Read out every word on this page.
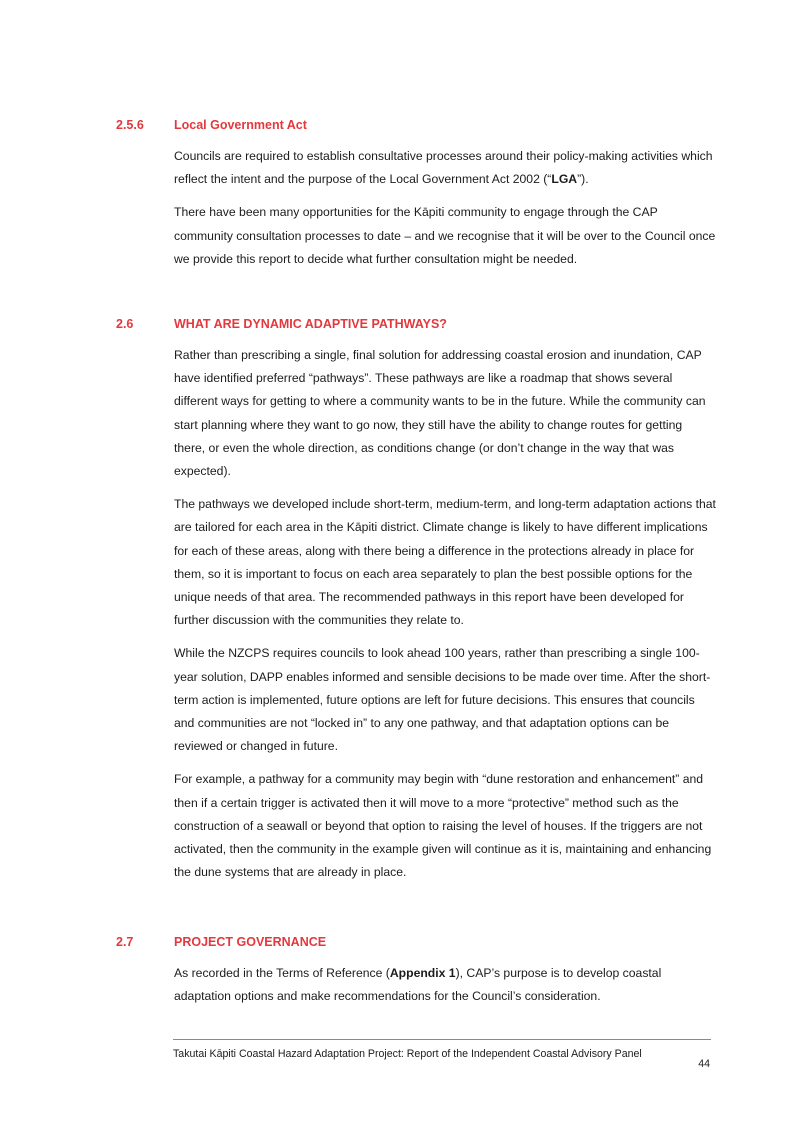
2.5.6 Local Government Act

Councils are required to establish consultative processes around their policy-making activities which reflect the intent and the purpose of the Local Government Act 2002 (“LGA”).

There have been many opportunities for the Kāpiti community to engage through the CAP community consultation processes to date – and we recognise that it will be over to the Council once we provide this report to decide what further consultation might be needed.

2.6	WHAT ARE DYNAMIC ADAPTIVE PATHWAYS?

Rather than prescribing a single, final solution for addressing coastal erosion and inundation, CAP have identified preferred “pathways”. These pathways are like a roadmap that shows several different ways for getting to where a community wants to be in the future. While the community can start planning where they want to go now, they still have the ability to change routes for getting there, or even the whole direction, as conditions change (or don’t change in the way that was expected).

The pathways we developed include short-term, medium-term, and long-term adaptation actions that are tailored for each area in the Kāpiti district. Climate change is likely to have different implications for each of these areas, along with there being a difference in the protections already in place for them, so it is important to focus on each area separately to plan the best possible options for the unique needs of that area. The recommended pathways in this report have been developed for further discussion with the communities they relate to.

While the NZCPS requires councils to look ahead 100 years, rather than prescribing a single 100-year solution, DAPP enables informed and sensible decisions to be made over time. After the short-term action is implemented, future options are left for future decisions. This ensures that councils and communities are not “locked in” to any one pathway, and that adaptation options can be reviewed or changed in future.

For example, a pathway for a community may begin with “dune restoration and enhancement” and then if a certain trigger is activated then it will move to a more “protective” method such as the construction of a seawall or beyond that option to raising the level of houses. If the triggers are not activated, then the community in the example given will continue as it is, maintaining and enhancing the dune systems that are already in place.

2.7	PROJECT GOVERNANCE

As recorded in the Terms of Reference (Appendix 1), CAP’s purpose is to develop coastal adaptation options and make recommendations for the Council’s consideration.

Takutai Kāpiti Coastal Hazard Adaptation Project: Report of the Independent Coastal Advisory Panel
44
